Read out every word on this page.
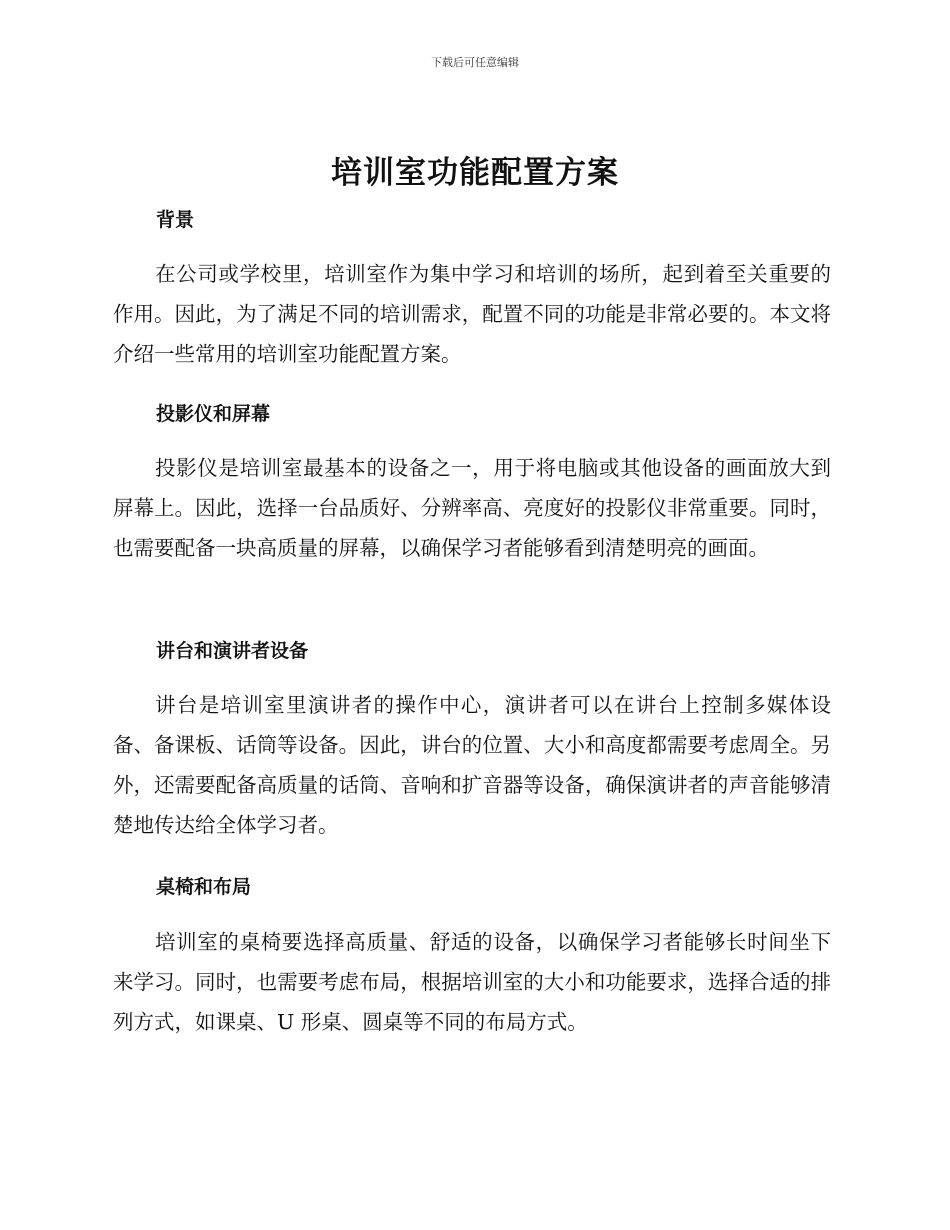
下载后可任意编辑
培训室功能配置方案
背景

在公司或学校里，培训室作为集中学习和培训的场所，起到着至关重要的作用。因此，为了满足不同的培训需求，配置不同的功能是非常必要的。本文将介绍一些常用的培训室功能配置方案。

投影仪和屏幕

投影仪是培训室最基本的设备之一，用于将电脑或其他设备的画面放大到屏幕上。因此，选择一台品质好、分辨率高、亮度好的投影仪非常重要。同时，也需要配备一块高质量的屏幕，以确保学习者能够看到清楚明亮的画面。

讲台和演讲者设备

讲台是培训室里演讲者的操作中心，演讲者可以在讲台上控制多媒体设备、备课板、话筒等设备。因此，讲台的位置、大小和高度都需要考虑周全。另外，还需要配备高质量的话筒、音响和扩音器等设备，确保演讲者的声音能够清楚地传达给全体学习者。

桌椅和布局

培训室的桌椅要选择高质量、舒适的设备，以确保学习者能够长时间坐下来学习。同时，也需要考虑布局，根据培训室的大小和功能要求，选择合适的排列方式，如课桌、U 形桌、圆桌等不同的布局方式。
